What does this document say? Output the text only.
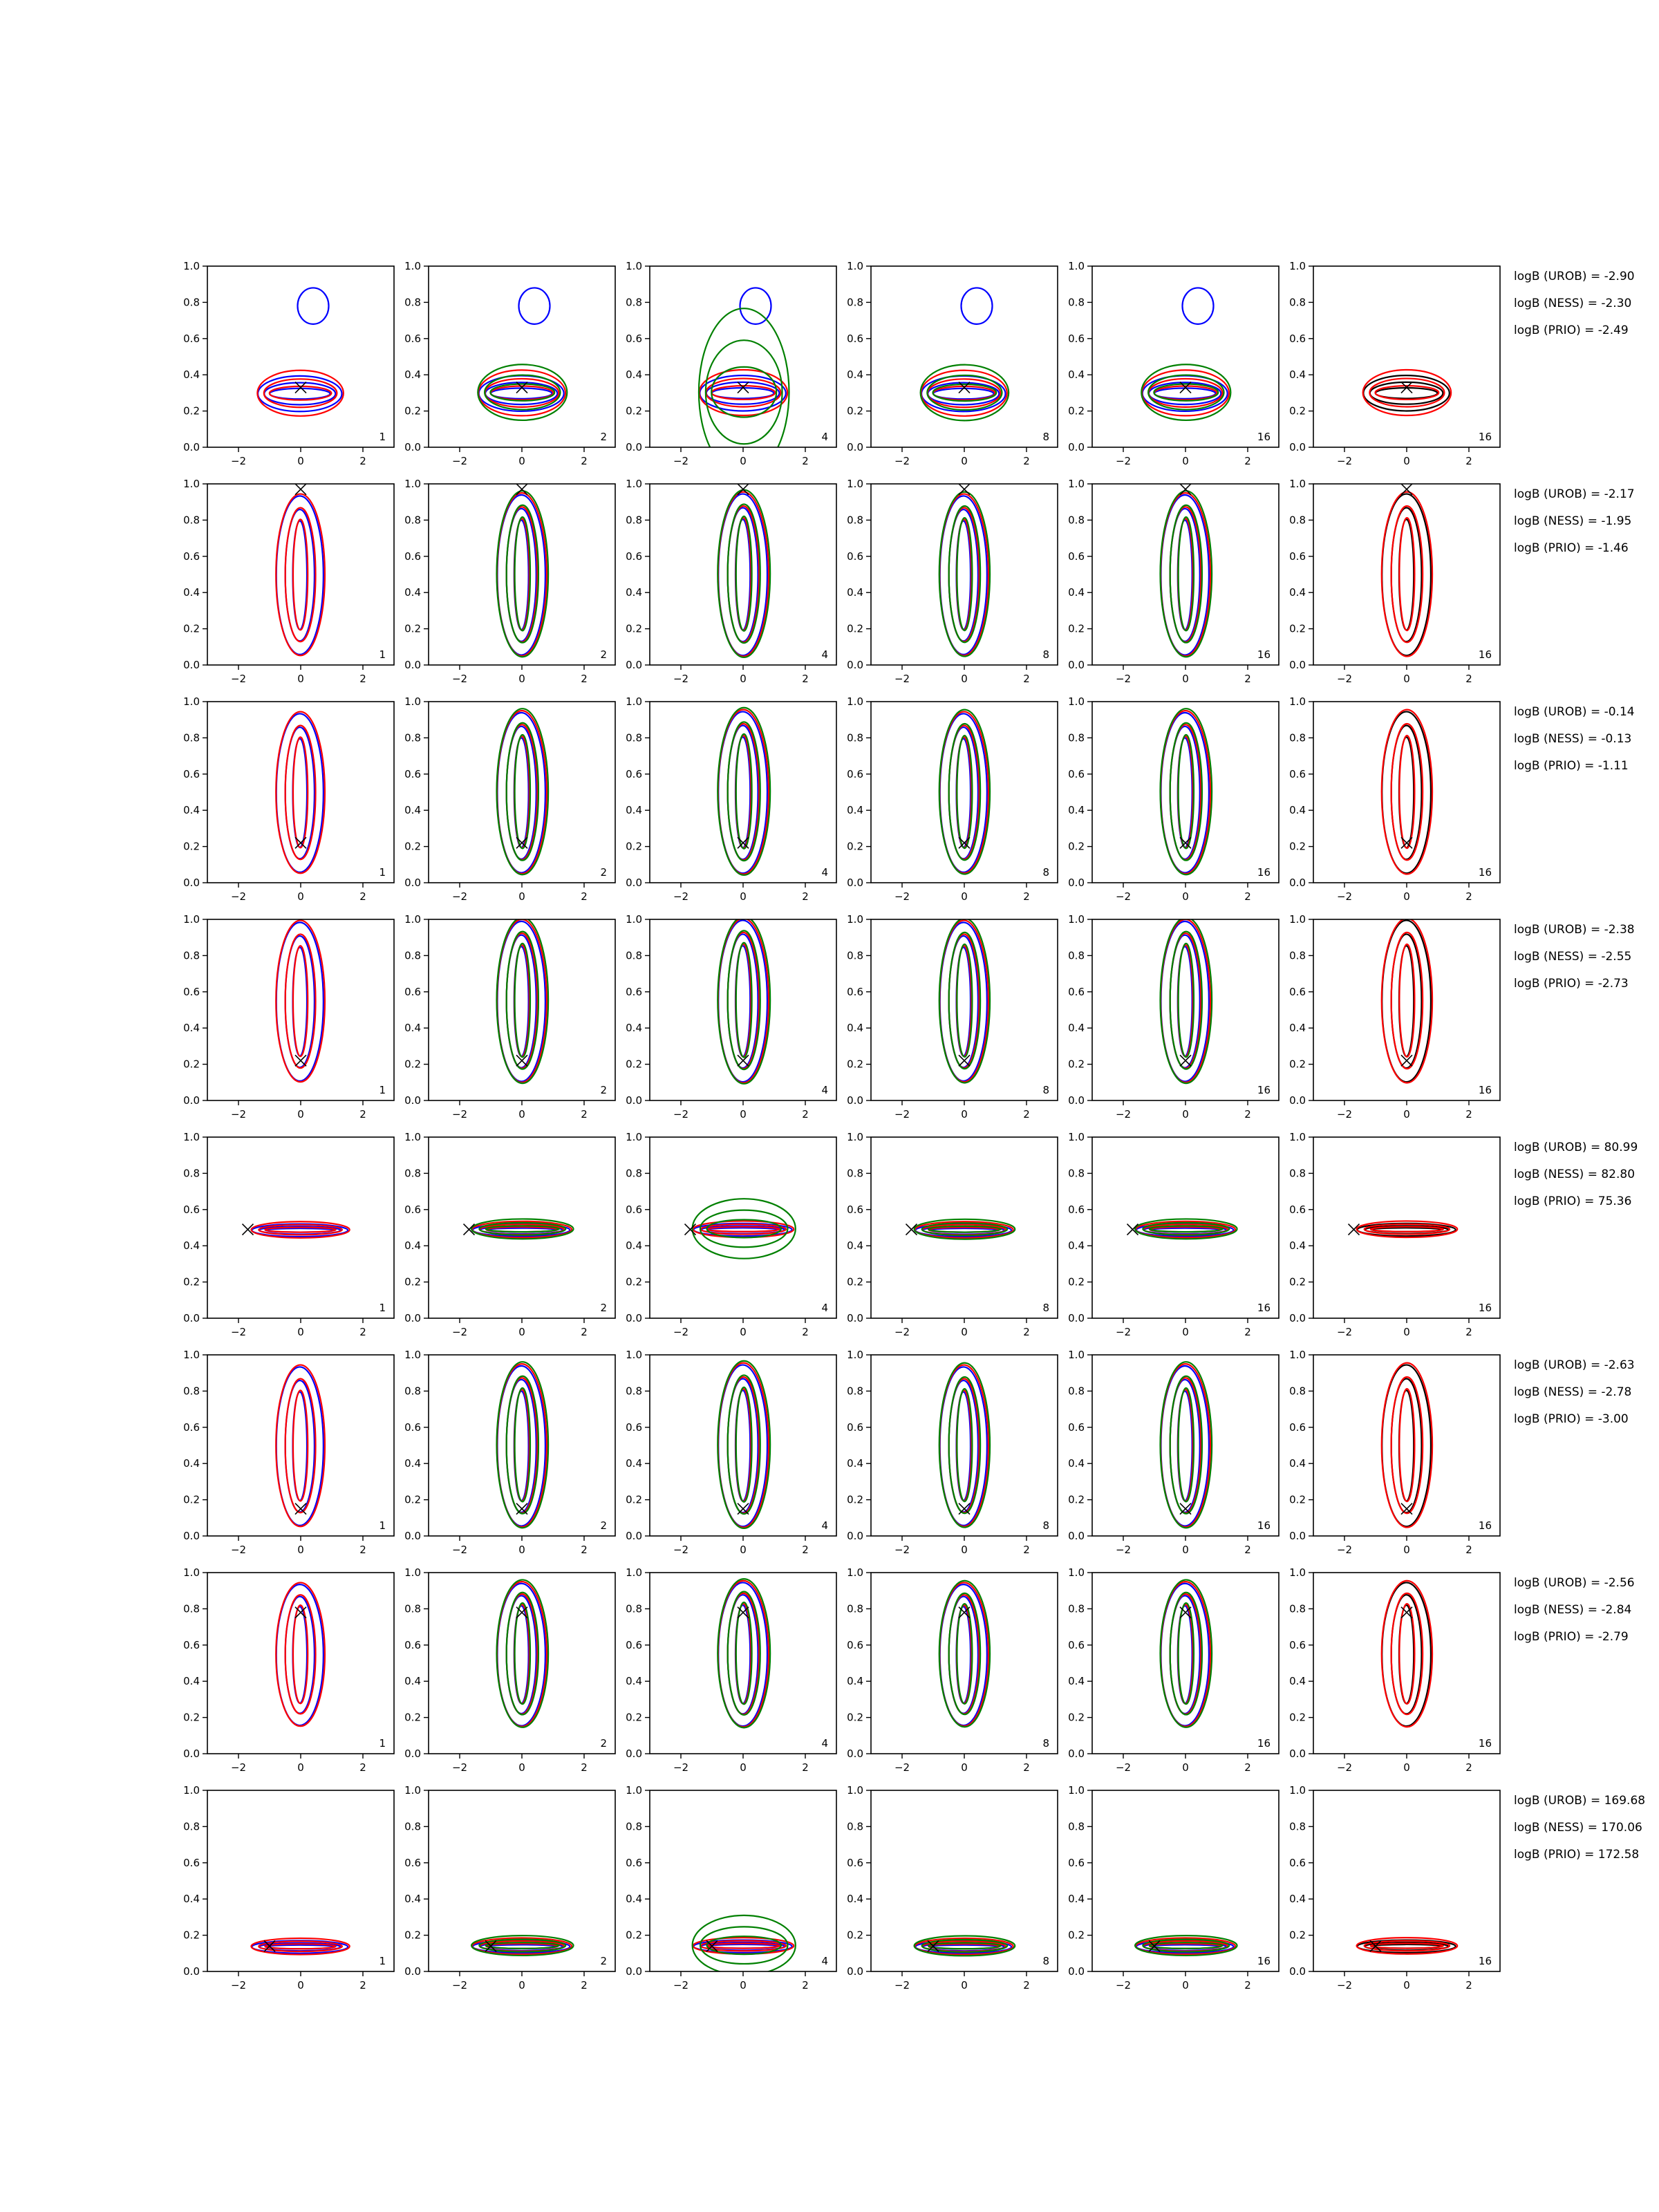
−2	0	2
0.0
0.2
0.4
0.6
0.8
1.0
1
−2	0	2
0.0
0.2
0.4
0.6
0.8
1.0
2
−2	0	2
0.0
0.2
0.4
0.6
0.8
1.0
4
−2	0	2
0.0
0.2
0.4
0.6
0.8
1.0
8
−2	0	2
0.0
0.2
0.4
0.6
0.8
1.0
16
−2	0	2
0.0
0.2
0.4
0.6
0.8
1.0
16
logB (UROB) = -2.90
logB (NESS) = -2.30
logB (PRIO) = -2.49
−2	0	2
0.0
0.2
0.4
0.6
0.8
1.0
1
−2	0	2
0.0
0.2
0.4
0.6
0.8
1.0
2
−2	0	2
0.0
0.2
0.4
0.6
0.8
1.0
4
−2	0	2
0.0
0.2
0.4
0.6
0.8
1.0
8
−2	0	2
0.0
0.2
0.4
0.6
0.8
1.0
16
−2	0	2
0.0
0.2
0.4
0.6
0.8
1.0
16
logB (UROB) = -2.17
logB (NESS) = -1.95
logB (PRIO) = -1.46
−2	0	2
0.0
0.2
0.4
0.6
0.8
1.0
1
−2	0	2
0.0
0.2
0.4
0.6
0.8
1.0
2
−2	0	2
0.0
0.2
0.4
0.6
0.8
1.0
4
−2	0	2
0.0
0.2
0.4
0.6
0.8
1.0
8
−2	0	2
0.0
0.2
0.4
0.6
0.8
1.0
16
−2	0	2
0.0
0.2
0.4
0.6
0.8
1.0
16
logB (UROB) = -0.14
logB (NESS) = -0.13
logB (PRIO) = -1.11
−2	0	2
0.0
0.2
0.4
0.6
0.8
1.0
1
−2	0	2
0.0
0.2
0.4
0.6
0.8
1.0
2
−2	0	2
0.0
0.2
0.4
0.6
0.8
1.0
4
−2	0	2
0.0
0.2
0.4
0.6
0.8
1.0
8
−2	0	2
0.0
0.2
0.4
0.6
0.8
1.0
16
−2	0	2
0.0
0.2
0.4
0.6
0.8
1.0
16
logB (UROB) = -2.38
logB (NESS) = -2.55
logB (PRIO) = -2.73
−2	0	2
0.0
0.2
0.4
0.6
0.8
1.0
1
−2	0	2
0.0
0.2
0.4
0.6
0.8
1.0
2
−2	0	2
0.0
0.2
0.4
0.6
0.8
1.0
4
−2	0	2
0.0
0.2
0.4
0.6
0.8
1.0
8
−2	0	2
0.0
0.2
0.4
0.6
0.8
1.0
16
−2	0	2
0.0
0.2
0.4
0.6
0.8
1.0
16
logB (UROB) = 80.99
logB (NESS) = 82.80
logB (PRIO) = 75.36
−2	0	2
0.0
0.2
0.4
0.6
0.8
1.0
1
−2	0	2
0.0
0.2
0.4
0.6
0.8
1.0
2
−2	0	2
0.0
0.2
0.4
0.6
0.8
1.0
4
−2	0	2
0.0
0.2
0.4
0.6
0.8
1.0
8
−2	0	2
0.0
0.2
0.4
0.6
0.8
1.0
16
−2	0	2
0.0
0.2
0.4
0.6
0.8
1.0
16
logB (UROB) = -2.63
logB (NESS) = -2.78
logB (PRIO) = -3.00
−2	0	2
0.0
0.2
0.4
0.6
0.8
1.0
1
−2	0	2
0.0
0.2
0.4
0.6
0.8
1.0
2
−2	0	2
0.0
0.2
0.4
0.6
0.8
1.0
4
−2	0	2
0.0
0.2
0.4
0.6
0.8
1.0
8
−2	0	2
0.0
0.2
0.4
0.6
0.8
1.0
16
−2	0	2
0.0
0.2
0.4
0.6
0.8
1.0
16
logB (UROB) = -2.56
logB (NESS) = -2.84
logB (PRIO) = -2.79
−2	0	2
0.0
0.2
0.4
0.6
0.8
1.0
1
−2	0	2
0.0
0.2
0.4
0.6
0.8
1.0
2
−2	0	2
0.0
0.2
0.4
0.6
0.8
1.0
4
−2	0	2
0.0
0.2
0.4
0.6
0.8
1.0
8
−2	0	2
0.0
0.2
0.4
0.6
0.8
1.0
16
−2	0	2
0.0
0.2
0.4
0.6
0.8
1.0
16
logB (UROB) = 169.68
logB (NESS) = 170.06
logB (PRIO) = 172.58
